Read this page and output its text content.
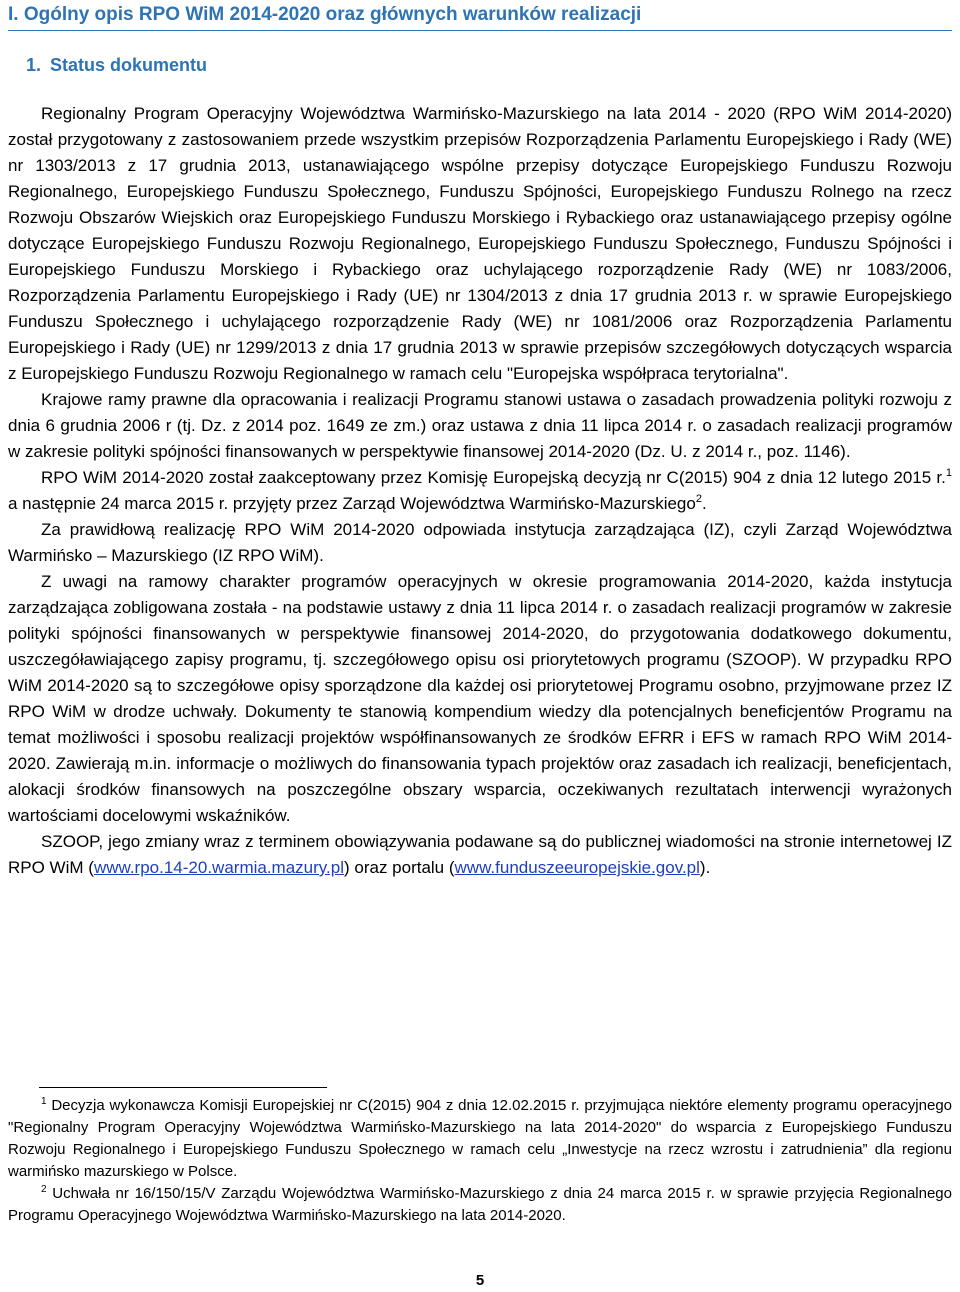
I. Ogólny opis RPO WiM 2014-2020 oraz głównych warunków realizacji
1. Status dokumentu

Regionalny Program Operacyjny Województwa Warmińsko-Mazurskiego na lata 2014 - 2020 (RPO WiM 2014-2020) został przygotowany z zastosowaniem przede wszystkim przepisów Rozporządzenia Parlamentu Europejskiego i Rady (WE) nr 1303/2013 z 17 grudnia 2013, ustanawiającego wspólne przepisy dotyczące Europejskiego Funduszu Rozwoju Regionalnego, Europejskiego Funduszu Społecznego, Funduszu Spójności, Europejskiego Funduszu Rolnego na rzecz Rozwoju Obszarów Wiejskich oraz Europejskiego Funduszu Morskiego i Rybackiego oraz ustanawiającego przepisy ogólne dotyczące Europejskiego Funduszu Rozwoju Regionalnego, Europejskiego Funduszu Społecznego, Funduszu Spójności i Europejskiego Funduszu Morskiego i Rybackiego oraz uchylającego rozporządzenie Rady (WE) nr 1083/2006, Rozporządzenia Parlamentu Europejskiego i Rady (UE) nr 1304/2013 z dnia 17 grudnia 2013 r. w sprawie Europejskiego Funduszu Społecznego i uchylającego rozporządzenie Rady (WE) nr 1081/2006 oraz Rozporządzenia Parlamentu Europejskiego i Rady (UE) nr 1299/2013 z dnia 17 grudnia 2013 w sprawie przepisów szczegółowych dotyczących wsparcia z Europejskiego Funduszu Rozwoju Regionalnego w ramach celu "Europejska współpraca terytorialna".

Krajowe ramy prawne dla opracowania i realizacji Programu stanowi ustawa o zasadach prowadzenia polityki rozwoju z dnia 6 grudnia 2006 r (tj. Dz. z 2014 poz. 1649 ze zm.) oraz ustawa z dnia 11 lipca 2014 r. o zasadach realizacji programów w zakresie polityki spójności finansowanych w perspektywie finansowej 2014-2020 (Dz. U. z 2014 r., poz. 1146).

RPO WiM 2014-2020 został zaakceptowany przez Komisję Europejską decyzją nr C(2015) 904 z dnia 12 lutego 2015 r.$^1$ a następnie 24 marca 2015 r. przyjęty przez Zarząd Województwa Warmińsko-Mazurskiego$^2$.

Za prawidłową realizację RPO WiM 2014-2020 odpowiada instytucja zarządzająca (IZ), czyli Zarząd Województwa Warmińsko – Mazurskiego (IZ RPO WiM).

Z uwagi na ramowy charakter programów operacyjnych w okresie programowania 2014-2020, każda instytucja zarządzająca zobligowana została - na podstawie ustawy z dnia 11 lipca 2014 r. o zasadach realizacji programów w zakresie polityki spójności finansowanych w perspektywie finansowej 2014-2020, do przygotowania dodatkowego dokumentu, uszczegóławiającego zapisy programu, tj. szczegółowego opisu osi priorytetowych programu (SZOOP). W przypadku RPO WiM 2014-2020 są to szczegółowe opisy sporządzone dla każdej osi priorytetowej Programu osobno, przyjmowane przez IZ RPO WiM w drodze uchwały. Dokumenty te stanowią kompendium wiedzy dla potencjalnych beneficjentów Programu na temat możliwości i sposobu realizacji projektów współfinansowanych ze środków EFRR i EFS w ramach RPO WiM 2014-2020. Zawierają m.in. informacje o możliwych do finansowania typach projektów oraz zasadach ich realizacji, beneficjentach, alokacji środków finansowych na poszczególne obszary wsparcia, oczekiwanych rezultatach interwencji wyrażonych wartościami docelowymi wskaźników.

SZOOP, jego zmiany wraz z terminem obowiązywania podawane są do publicznej wiadomości na stronie internetowej IZ RPO WiM (www.rpo.14-20.warmia.mazury.pl) oraz portalu (www.funduszeeuropejskie.gov.pl).

$^1$ Decyzja wykonawcza Komisji Europejskiej nr C(2015) 904 z dnia 12.02.2015 r. przyjmująca niektóre elementy programu operacyjnego "Regionalny Program Operacyjny Województwa Warmińsko-Mazurskiego na lata 2014-2020" do wsparcia z Europejskiego Funduszu Rozwoju Regionalnego i Europejskiego Funduszu Społecznego w ramach celu „Inwestycje na rzecz wzrostu i zatrudnienia” dla regionu warmińsko mazurskiego w Polsce.

$^2$ Uchwała nr 16/150/15/V Zarządu Województwa Warmińsko-Mazurskiego z dnia 24 marca 2015 r. w sprawie przyjęcia Regionalnego Programu Operacyjnego Województwa Warmińsko-Mazurskiego na lata 2014-2020.

5
